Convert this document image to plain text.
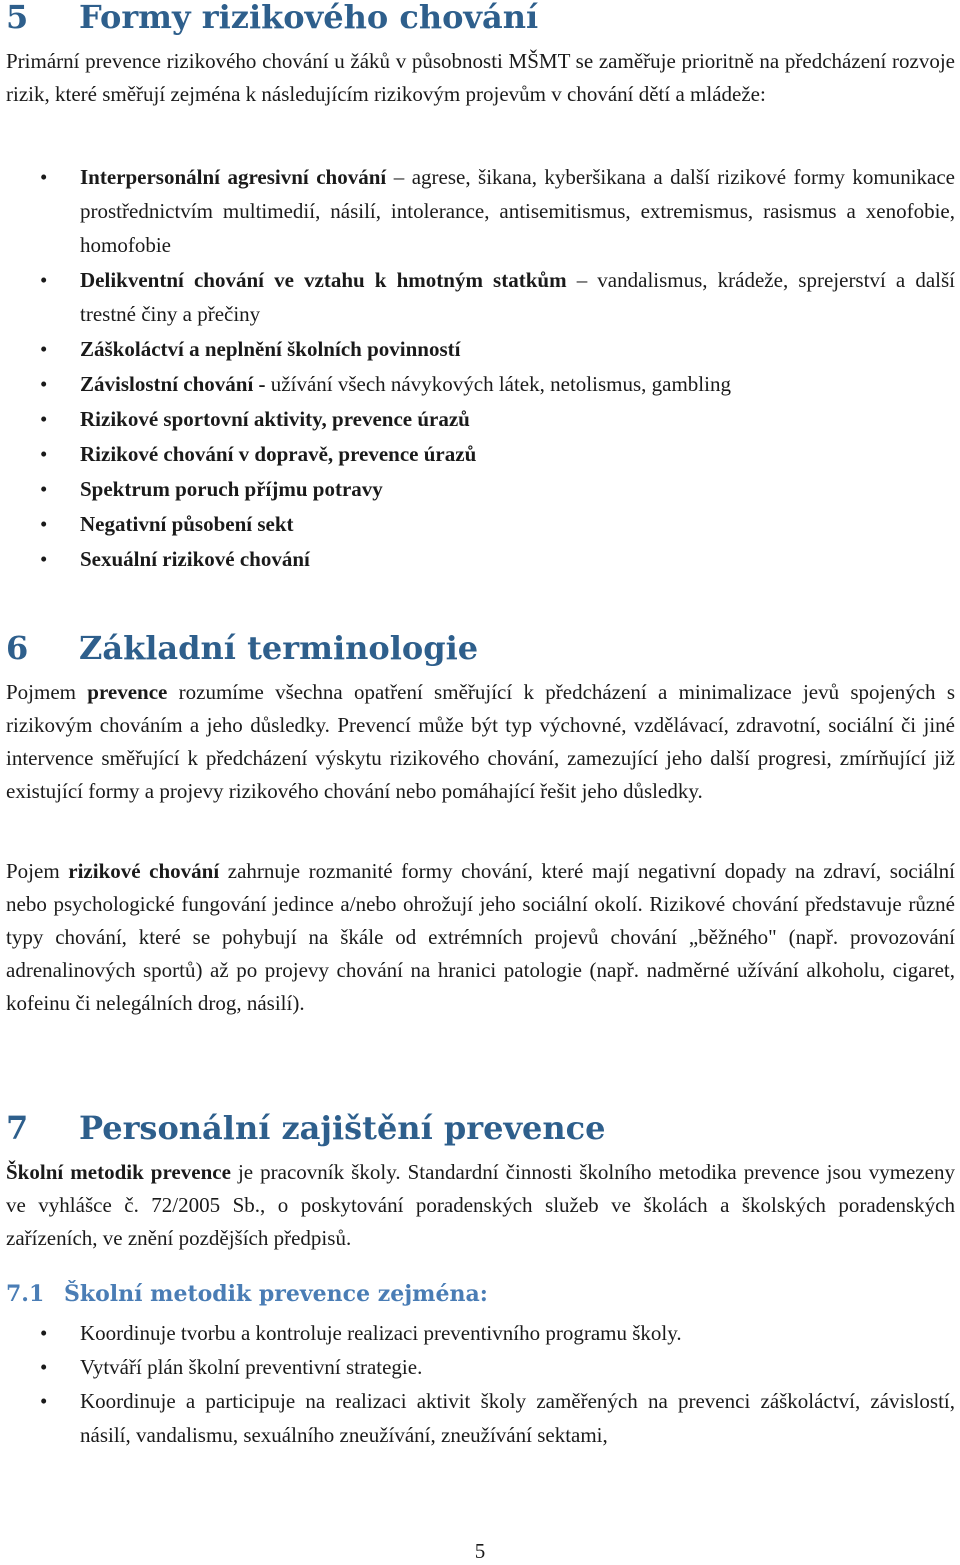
5 Formy rizikového chování

Primární prevence rizikového chování u žáků v působnosti MŠMT se zaměřuje prioritně na předcházení rozvoje rizik, které směřují zejména k následujícím rizikovým projevům v chování dětí a mládeže:

• Interpersonální agresivní chování – agrese, šikana, kyberšikana a další rizikové formy komunikace prostřednictvím multimedií, násilí, intolerance, antisemitismus, extremismus, rasismus a xenofobie, homofobie
• Delikventní chování ve vztahu k hmotným statkům – vandalismus, krádeže, sprejerství a další trestné činy a přečiny
• Záškoláctví a neplnění školních povinností
• Závislostní chování - užívání všech návykových látek, netolismus, gambling
• Rizikové sportovní aktivity, prevence úrazů
• Rizikové chování v dopravě, prevence úrazů
• Spektrum poruch příjmu potravy
• Negativní působení sekt
• Sexuální rizikové chování
6 Základní terminologie

Pojmem prevence rozumíme všechna opatření směřující k předcházení a minimalizace jevů spojených s rizikovým chováním a jeho důsledky. Prevencí může být typ výchovné, vzdělávací, zdravotní, sociální či jiné intervence směřující k předcházení výskytu rizikového chování, zamezující jeho další progresi, zmírňující již existující formy a projevy rizikového chování nebo pomáhající řešit jeho důsledky.

Pojem rizikové chování zahrnuje rozmanité formy chování, které mají negativní dopady na zdraví, sociální nebo psychologické fungování jedince a/nebo ohrožují jeho sociální okolí. Rizikové chování představuje různé typy chování, které se pohybují na škále od extrémních projevů chování „běžného" (např. provozování adrenalinových sportů) až po projevy chování na hranici patologie (např. nadměrné užívání alkoholu, cigaret, kofeinu či nelegálních drog, násilí).

7 Personální zajištění prevence

Školní metodik prevence je pracovník školy. Standardní činnosti školního metodika prevence jsou vymezeny ve vyhlášce č. 72/2005 Sb., o poskytování poradenských služeb ve školách a školských poradenských zařízeních, ve znění pozdějších předpisů.

7.1 Školní metodik prevence zejména:
• Koordinuje tvorbu a kontroluje realizaci preventivního programu školy.
• Vytváří plán školní preventivní strategie.
• Koordinuje a participuje na realizaci aktivit školy zaměřených na prevenci záškoláctví, závislostí, násilí, vandalismu, sexuálního zneužívání, zneužívání sektami,
5
